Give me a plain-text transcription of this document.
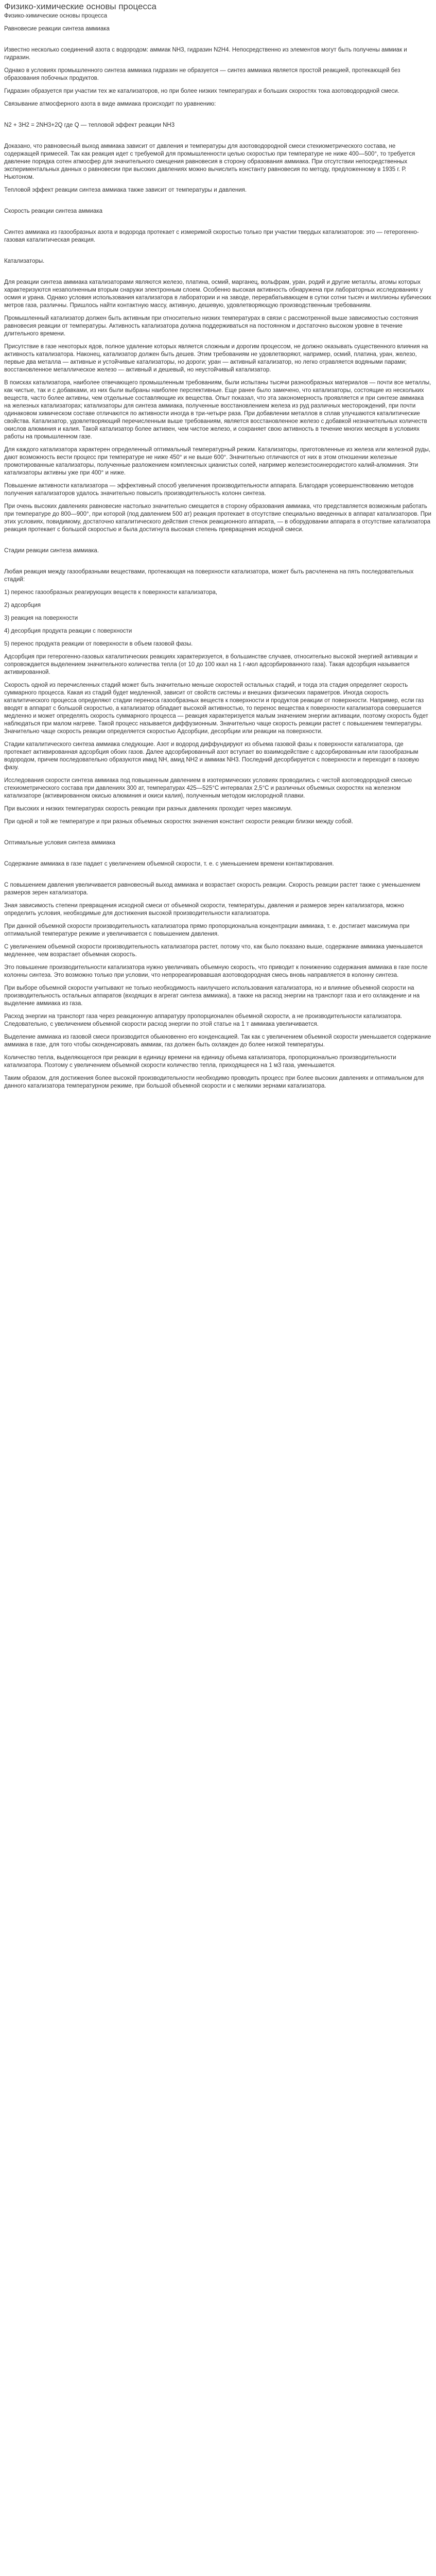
Физико-химические основы процесса

Физико-химические основы процесса

Равновесие реакции синтеза аммиака

Известно несколько соединений азота с водородом: аммиак NH3, гидразин N2H4. Непосредственно из элементов могут быть получены аммиак и гидразин.

Однако в условиях промышленного синтеза аммиака гидразин не образуется — синтез аммиака является простой реакцией, протекающей без образования побочных продуктов.

Гидразин образуется при участии тех же катализаторов, но при более низких температурах и больших скоростях тока азотоводородной смеси.

Связывание атмосферного азота в виде аммиака происходит по уравнению:

N2 + 3H2 = 2NH3+2Q где Q — тепловой эффект реакции NH3

Доказано, что равновесный выход аммиака зависит от давления и температуры для азотоводородной смеси стехиометрического состава, не содержащей примесей. Так как реакция идет с требуемой для промышленности целью скоростью при температуре не ниже 400—500°, то требуется давление порядка сотен атмосфер для значительного смещения равновесия в сторону образования аммиака. При отсутствии непосредственных экспериментальных данных о равновесии при высоких давлениях можно вычислить константу равновесия по методу, предложенному в 1935 г. Р. Ньютоном.

Тепловой эффект реакции синтеза аммиака также зависит от температуры и давления.

Скорость реакции синтеза аммиака

Синтез аммиака из газообразных азота и водорода протекает с измеримой скоростью только при участии твердых катализаторов: это — гетерогенно-газовая каталитическая реакция.

Катализаторы.

Для реакции синтеза аммиака катализаторами являются железо, платина, осмий, марганец, вольфрам, уран, родий и другие металлы, атомы которых характеризуются незаполненным вторым снаружи электронным слоем. Особенно высокая активность обнаружена при лабораторных исследованиях у осмия и урана. Однако условия использования катализатора в лаборатории и на заводе, перерабатывающем в сутки сотни тысяч и миллионы кубических метров газа, различны. Пришлось найти контактную массу, активную, дешевую, удовлетворяющую производственным требованиям.

Промышленный катализатор должен быть активным при относительно низких температурах в связи с рассмотренной выше зависимостью состояния равновесия реакции от температуры. Активность катализатора должна поддерживаться на постоянном и достаточно высоком уровне в течение длительного времени.

Присутствие в газе некоторых ядов, полное удаление которых является сложным и дорогим процессом, не должно оказывать существенного влияния на активность катализатора. Наконец, катализатор должен быть дешев. Этим требованиям не удовлетворяют, например, осмий, платина, уран, железо, первые два металла — активные и устойчивые катализаторы, но дороги; уран — активный катализатор, но легко отравляется водяными парами; восстановленное металлическое железо — активный и дешевый, но неустойчивый катализатор.

В поисках катализатора, наиболее отвечающего промышленным требованиям, были испытаны тысячи разнообразных материалов — почти все металлы, как чистые, так и с добавками, из них были выбраны наиболее перспективные. Еще ранее было замечено, что катализаторы, состоящие из нескольких веществ, часто более активны, чем отдельные составляющие их вещества. Опыт показал, что эта закономерность проявляется и при синтезе аммиака на железных катализаторах; катализаторы для синтеза аммиака, полученные восстановлением железа из руд различных месторождений, при почти одинаковом химическом составе отличаются по активности иногда в три-четыре раза. При добавлении металлов в сплав улучшаются каталитические свойства. Катализатор, удовлетворяющий перечисленным выше требованиям, является восстановленное железо с добавкой незначительных количеств окислов алюминия и калия. Такой катализатор более активен, чем чистое железо, и сохраняет свою активность в течение многих месяцев в условиях работы на промышленном газе.

Для каждого катализатора характерен определенный оптимальный температурный режим. Катализаторы, приготовленные из железа или железной руды, дают возможность вести процесс при температуре не ниже 450° и не выше 600°. Значительно отличаются от них в этом отношении железные промотированные катализаторы, полученные разложением комплексных цианистых солей, например железистосинеродистого калий-алюминия. Эти катализаторы активны уже при 400° и ниже.

Повышение активности катализатора — эффективный способ увеличения производительности аппарата. Благодаря усовершенствованию методов получения катализаторов удалось значительно повысить производительность колонн синтеза.

При очень высоких давлениях равновесие настолько значительно смещается в сторону образования аммиака, что представляется возможным работать при температуре до 800—900°, при которой (под давлением 500 ат) реакция протекает в отсутствие специально введенных в аппарат катализаторов. При этих условиях, повидимому, достаточно каталитического действия стенок реакционного аппарата, — в оборудовании аппарата в отсутствие катализатора реакция протекает с большой скоростью и была достигнута высокая степень превращения исходной смеси.

Стадии реакции синтеза аммиака.

Любая реакция между газообразными веществами, протекающая на поверхности катализатора, может быть расчленена на пять последовательных стадий:

1) перенос газообразных реагирующих веществ к поверхности катализатора,

2) адсорбция

3) реакция на поверхности

4) десорбция продукта реакции с поверхности

5) перенос продукта реакции от поверхности в объем газовой фазы.

Адсорбция при гетерогенно-газовых каталитических реакциях характеризуется, в большинстве случаев, относительно высокой энергией активации и сопровождается выделением значительного количества тепла (от 10 до 100 ккал на 1 г-мол адсорбированного газа). Такая адсорбция называется активированной.

Скорость одной из перечисленных стадий может быть значительно меньше скоростей остальных стадий, и тогда эта стадия определяет скорость суммарного процесса. Какая из стадий будет медленной, зависит от свойств системы и внешних физических параметров. Иногда скорость каталитического процесса определяют стадии переноса газообразных веществ к поверхности и продуктов реакции от поверхности. Например, если газ вводят в аппарат с большой скоростью, а катализатор обладает высокой активностью, то перенос вещества к поверхности катализатора совершается медленно и может определять скорость суммарного процесса — реакция характеризуется малым значением энергии активации, поэтому скорость будет наблюдаться при малом нагреве. Такой процесс называется диффузионным. Значительно чаще скорость реакции растет с повышением температуры. Значительно чаще скорость реакции определяется скоростью Адсорбции, десорбции или реакции на поверхности.

Стадии каталитического синтеза аммиака следующие. Азот и водород диффундируют из объема газовой фазы к поверхности катализатора, где протекает активированная адсорбция обоих газов. Далее адсорбированный азот вступает во взаимодействие с адсорбированным или газообразным водородом, причем последовательно образуются имид NH, амид NH2 и аммиак NH3. Последний десорбируется с поверхности и переходит в газовую фазу.

Исследования скорости синтеза аммиака под повышенным давлением в изотермических условиях проводились с чистой азотоводородной смесью стехиометрического состава при давлениях 300 ат, температурах 425—525°С интервалах 2,5°С и различных объемных скоростях на железном катализаторе (активированном окисью алюминия и окиси калия), полученным методом кислородной плавки.

При высоких и низких температурах скорость реакции при разных давлениях проходит через максимум.

При одной и той же температуре и при разных объемных скоростях значения констант скорости реакции близки между собой.

Оптимальные условия синтеза аммиака

Содержание аммиака в газе падает с увеличением объемной скорости, т. е. с уменьшением времени контактирования.

С повышением давления увеличивается равновесный выход аммиака и возрастает скорость реакции. Скорость реакции растет также с уменьшением размеров зерен катализатора.

Зная зависимость степени превращения исходной смеси от объемной скорости, температуры, давления и размеров зерен катализатора, можно определить условия, необходимые для достижения высокой производительности катализатора.

При данной объемной скорости производительность катализатора прямо пропорциональна концентрации аммиака, т. е. достигает максимума при оптимальной температуре режиме и увеличивается с повышением давления.

С увеличением объемной скорости производительность катализатора растет, потому что, как было показано выше, содержание аммиака уменьшается медленнее, чем возрастает объемная скорость.

Это повышение производительности катализатора нужно увеличивать объемную скорость, что приводит к понижению содержания аммиака в газе после колонны синтеза. Это возможно только при условии, что непрореагировавшая азотоводородная смесь вновь направляется в колонну синтеза.

При выборе объемной скорости учитывают не только необходимость наилучшего использования катализатора, но и влияние объемной скорости на производительность остальных аппаратов (входящих в агрегат синтеза аммиака), а также на расход энергии на транспорт газа и его охлаждение и на выделение аммиака из газа.

Расход энергии на транспорт газа через реакционную аппаратуру пропорционален объемной скорости, а не производительности катализатора. Следовательно, с увеличением объемной скорости расход энергии по этой статье на 1 т аммиака увеличивается.

Выделение аммиака из газовой смеси производится обыкновенно его конденсацией. Так как с увеличением объемной скорости уменьшается содержание аммиака в газе, для того чтобы сконденсировать аммиак, газ должен быть охлажден до более низкой температуры.

Количество тепла, выделяющегося при реакции в единицу времени на единицу объема катализатора, пропорционально производительности катализатора. Поэтому с увеличением объемной скорости количество тепла, приходящееся на 1 м3 газа, уменьшается.

Таким образом, для достижения более высокой производительности необходимо проводить процесс при более высоких давлениях и оптимальном для данного катализатора температурном режиме, при большой объемной скорости и с мелкими зернами катализатора.
